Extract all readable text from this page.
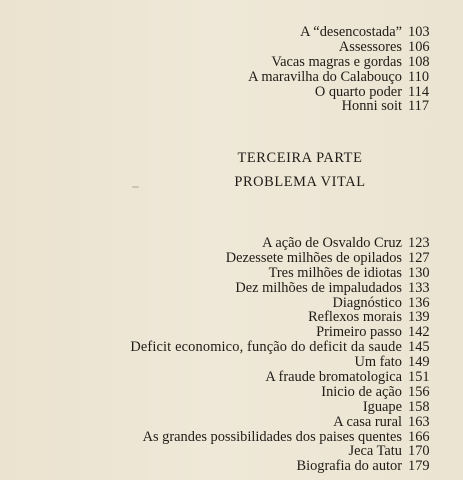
A “desencostada” 103
Assessores 106
Vacas magras e gordas 108
A maravilha do Calabouço 110
O quarto poder 114
Honni soit 117
TERCEIRA PARTE
PROBLEMA VITAL
A ação de Osvaldo Cruz 123
Dezessete milhões de opilados 127
Tres milhões de idiotas 130
Dez milhões de impaludados 133
Diagnóstico 136
Reflexos morais 139
Primeiro passo 142
Deficit economico, função do deficit da saude 145
Um fato 149
A fraude bromatologica 151
Inicio de ação 156
Iguape 158
A casa rural 163
As grandes possibilidades dos paises quentes 166
Jeca Tatu 170
Biografia do autor 179
